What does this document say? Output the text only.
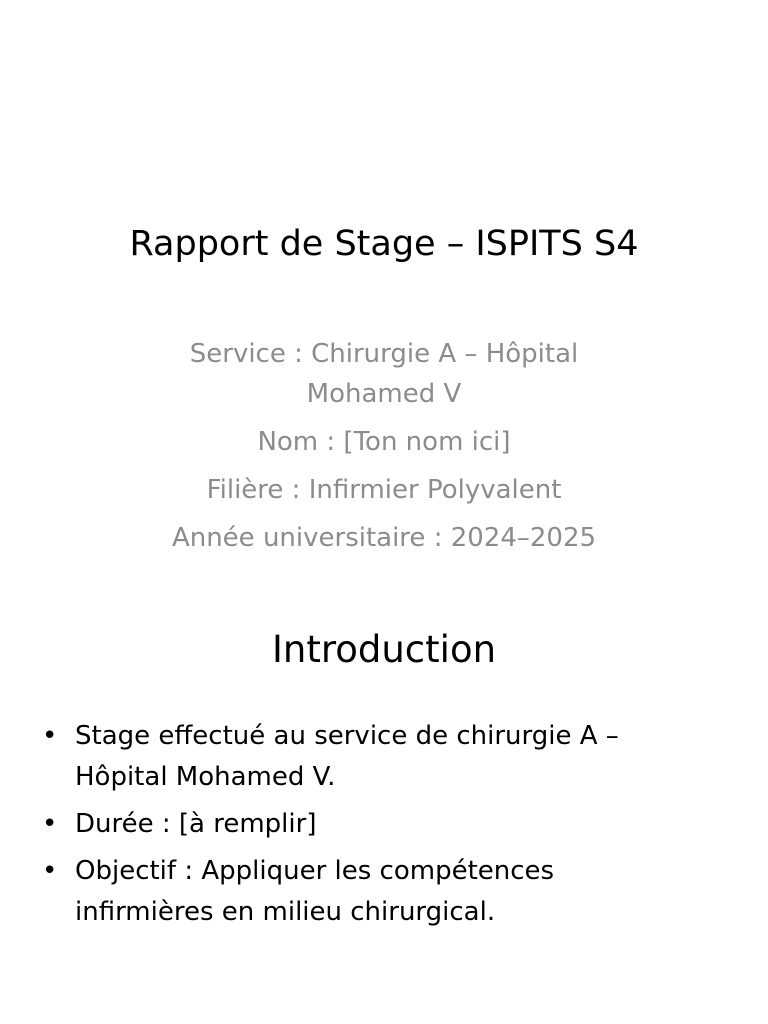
Rapport de Stage – ISPITS S4
Service : Chirurgie A – Hôpital Mohamed V
Nom : [Ton nom ici]
Filière : Infirmier Polyvalent
Année universitaire : 2024–2025
Introduction
• Stage effectué au service de chirurgie A – Hôpital Mohamed V.
• Durée : [à remplir]
• Objectif : Appliquer les compétences infirmières en milieu chirurgical.
